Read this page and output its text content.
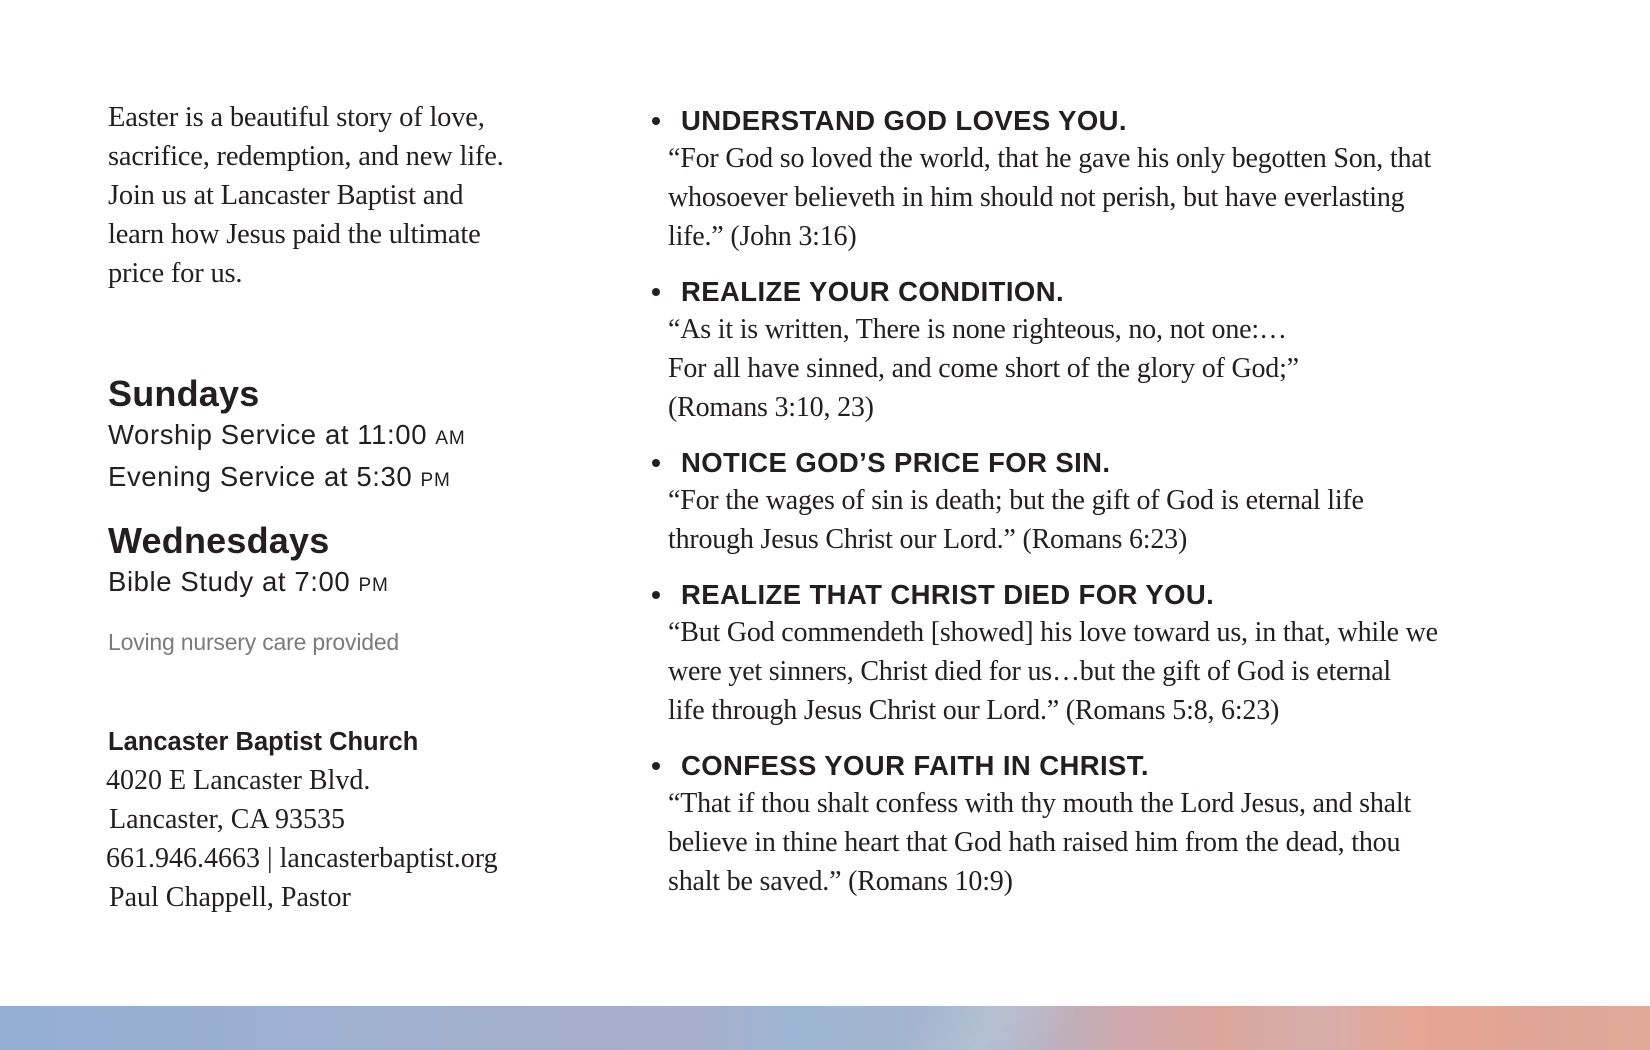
Easter is a beautiful story of love,
sacrifice, redemption, and new life.
Join us at Lancaster Baptist and
learn how Jesus paid the ultimate
price for us.
Sundays
Worship Service at 11:00 AM
Evening Service at 5:30 PM
Wednesdays
Bible Study at 7:00 PM
Loving nursery care provided
Lancaster Baptist Church
4020 E Lancaster Blvd.
Lancaster, CA 93535
661.946.4663 | lancasterbaptist.org
Paul Chappell, Pastor
UNDERSTAND GOD LOVES YOU.
“For God so loved the world, that he gave his only begotten Son, that
whosoever believeth in him should not perish, but have everlasting
life.” (John 3:16)
REALIZE YOUR CONDITION.
“As it is written, There is none righteous, no, not one:…
For all have sinned, and come short of the glory of God;”
(Romans 3:10, 23)
NOTICE GOD’S PRICE FOR SIN.
“For the wages of sin is death; but the gift of God is eternal life
through Jesus Christ our Lord.” (Romans 6:23)
REALIZE THAT CHRIST DIED FOR YOU.
“But God commendeth [showed] his love toward us, in that, while we
were yet sinners, Christ died for us…but the gift of God is eternal
life through Jesus Christ our Lord.” (Romans 5:8, 6:23)
CONFESS YOUR FAITH IN CHRIST.
“That if thou shalt confess with thy mouth the Lord Jesus, and shalt
believe in thine heart that God hath raised him from the dead, thou
shalt be saved.” (Romans 10:9)
